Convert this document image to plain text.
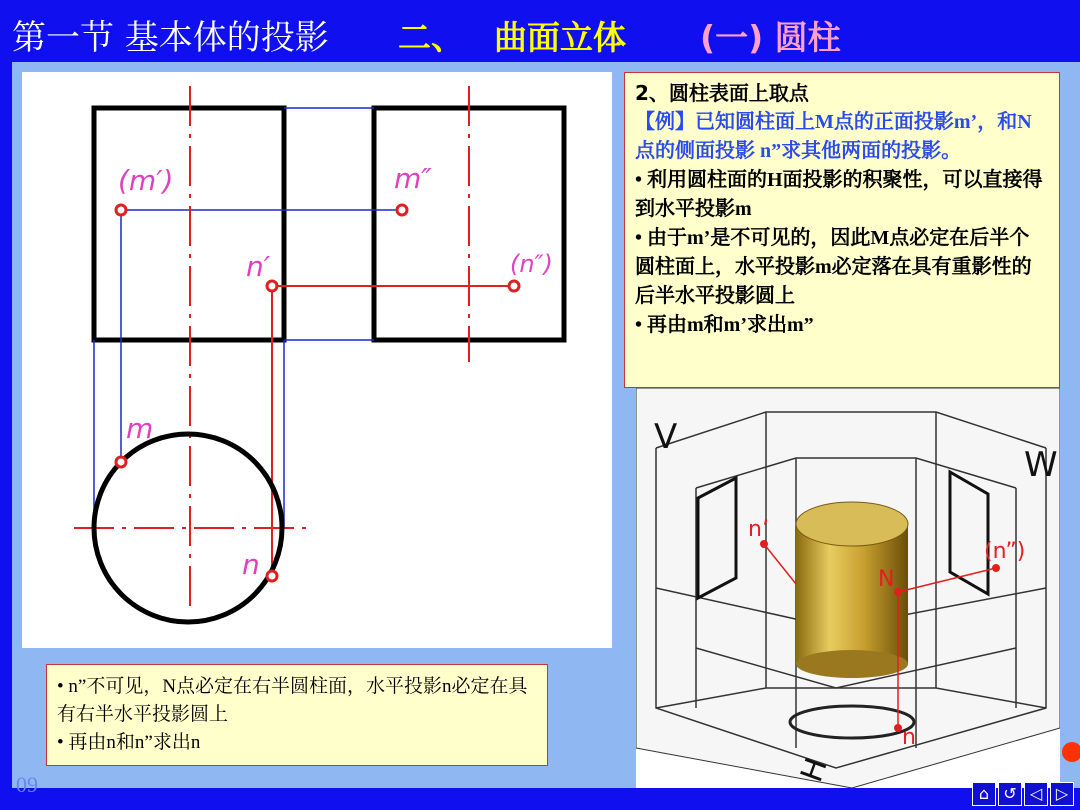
第一节 基本体的投影 二、 曲面立体 (一) 圆柱
(m′)	m″
n′	(n″)
m
n
2、圆柱表面上取点
【例】已知圆柱面上M点的正面投影m’，和N点的侧面投影 n”求其他两面的投影。
• 利用圆柱面的H面投影的积聚性，可以直接得到水平投影m
• 由于m’是不可见的，因此M点必定在后半个圆柱面上，水平投影m必定落在具有重影性的后半水平投影圆上
• 再由m和m’求出m”
V
W
H
n’
(n”)
N
n
• n”不可见，N点必定在右半圆柱面，水平投影n必定在具有右半水平投影圆上
• 再由n和n”求出n
09	⌂ ↺ ◁ ▷
